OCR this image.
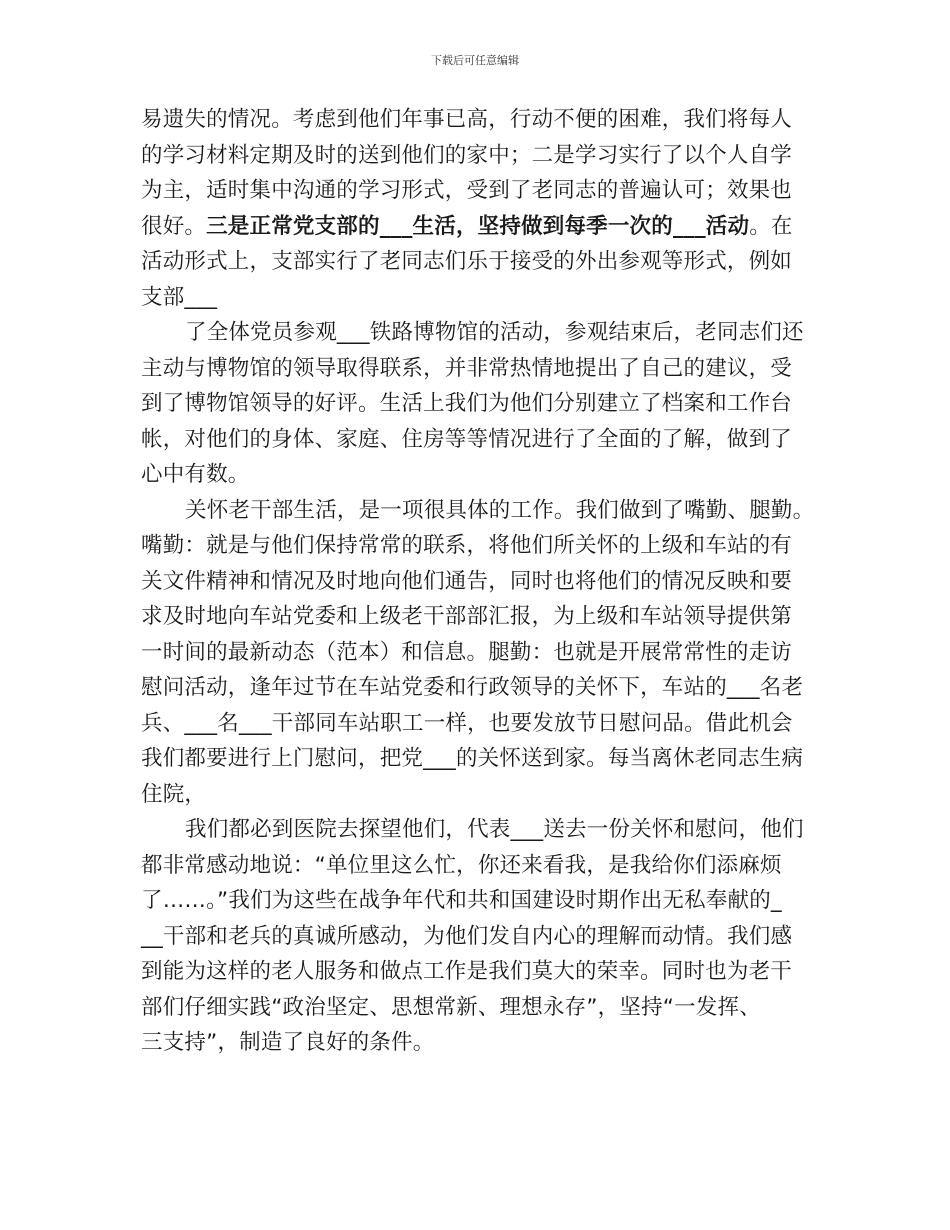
下载后可任意编辑
易遗失的情况。考虑到他们年事已高，行动不便的困难，我们将每人
的学习材料定期及时的送到他们的家中；二是学习实行了以个人自学
为主，适时集中沟通的学习形式，受到了老同志的普遍认可；效果也
很好。三是正常党支部的___生活，坚持做到每季一次的___活动。在
活动形式上，支部实行了老同志们乐于接受的外出参观等形式，例如
支部___
了全体党员参观___铁路博物馆的活动，参观结束后，老同志们还
主动与博物馆的领导取得联系，并非常热情地提出了自己的建议，受
到了博物馆领导的好评。生活上我们为他们分别建立了档案和工作台
帐，对他们的身体、家庭、住房等等情况进行了全面的了解，做到了
心中有数。
关怀老干部生活，是一项很具体的工作。我们做到了嘴勤、腿勤。
嘴勤：就是与他们保持常常的联系，将他们所关怀的上级和车站的有
关文件精神和情况及时地向他们通告，同时也将他们的情况反映和要
求及时地向车站党委和上级老干部部汇报，为上级和车站领导提供第
一时间的最新动态（范本）和信息。腿勤：也就是开展常常性的走访
慰问活动，逢年过节在车站党委和行政领导的关怀下，车站的___名老
兵、___名___干部同车站职工一样，也要发放节日慰问品。借此机会
我们都要进行上门慰问，把党___的关怀送到家。每当离休老同志生病
住院，
我们都必到医院去探望他们，代表___送去一份关怀和慰问，他们
都非常感动地说：“单位里这么忙，你还来看我，是我给你们添麻烦
了……。”我们为这些在战争年代和共和国建设时期作出无私奉献的_
__干部和老兵的真诚所感动，为他们发自内心的理解而动情。我们感
到能为这样的老人服务和做点工作是我们莫大的荣幸。同时也为老干
部们仔细实践“政治坚定、思想常新、理想永存”，坚持“一发挥、
三支持”，制造了良好的条件。
